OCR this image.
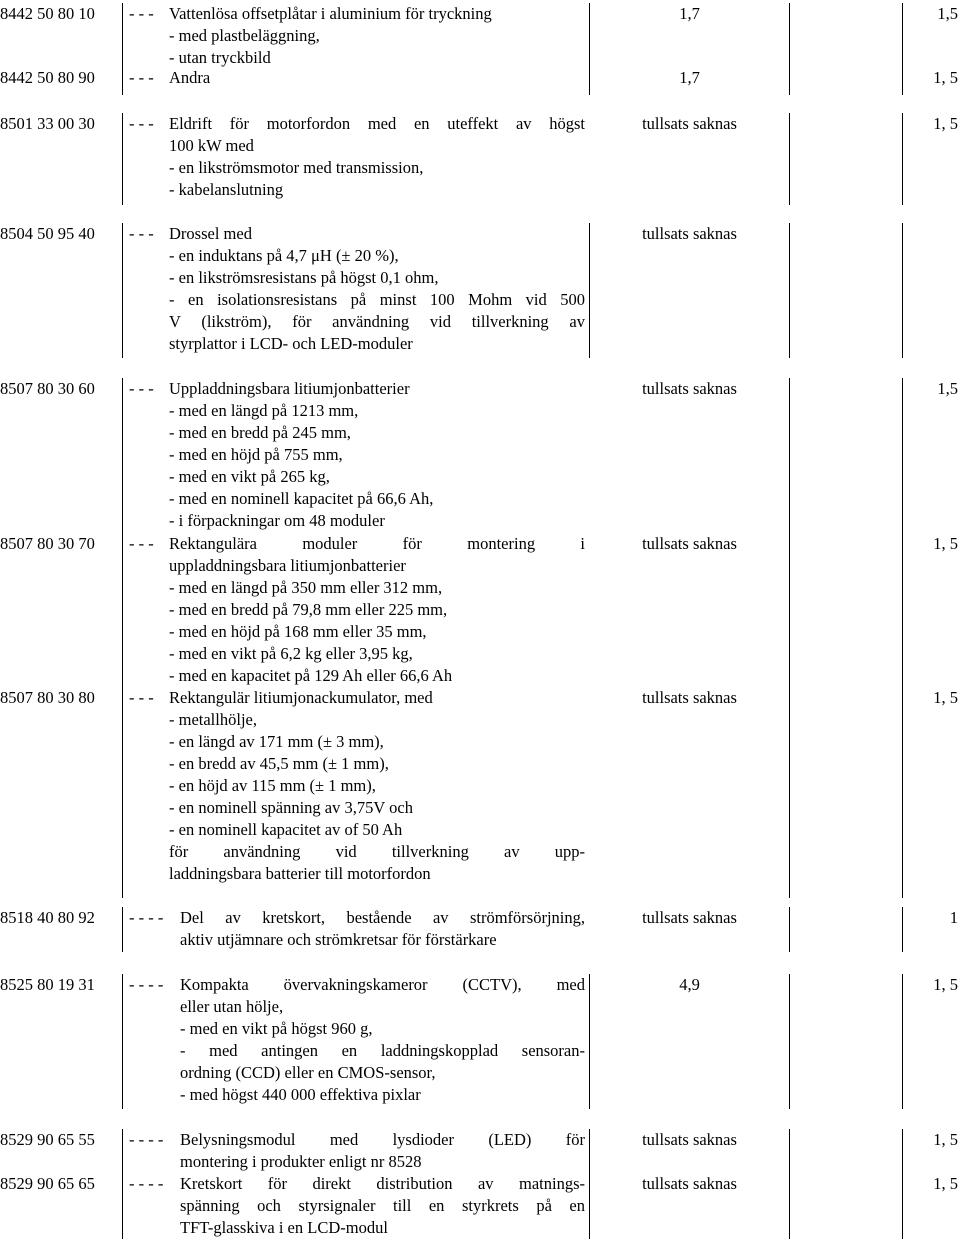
8442 50 80 10	- - - Vattenlösa offsetplåtar i aluminium för tryckning
- med plastbeläggning,
- utan tryckbild
1,7	1,5
8442 50 80 90	- - - Andra	1,7	1, 5
8501 33 00 30	- - - Eldrift för motorfordon med en uteffekt av högst
100 kW med
- en likströmsmotor med transmission,
- kabelanslutning
tullsats saknas	1, 5
8504 50 95 40	- - - Drossel med
- en induktans på 4,7 μH (± 20 %),
- en likströmsresistans på högst 0,1 ohm,
- en isolationsresistans på minst 100 Mohm vid 500
V (likström), för användning vid tillverkning av
styrplattor i LCD- och LED-moduler
tullsats saknas
8507 80 30 60	- - - Uppladdningsbara litiumjonbatterier
- med en längd på 1213 mm,
- med en bredd på 245 mm,
- med en höjd på 755 mm,
- med en vikt på 265 kg,
- med en nominell kapacitet på 66,6 Ah,
- i förpackningar om 48 moduler
tullsats saknas	1,5
8507 80 30 70	- - - Rektangulära moduler för montering i
uppladdningsbara litiumjonbatterier
- med en längd på 350 mm eller 312 mm,
- med en bredd på 79,8 mm eller 225 mm,
- med en höjd på 168 mm eller 35 mm,
- med en vikt på 6,2 kg eller 3,95 kg,
- med en kapacitet på 129 Ah eller 66,6 Ah
tullsats saknas	1, 5
8507 80 30 80	- - - Rektangulär litiumjonackumulator, med
- metallhölje,
- en längd av 171 mm (± 3 mm),
- en bredd av 45,5 mm (± 1 mm),
- en höjd av 115 mm (± 1 mm),
- en nominell spänning av 3,75V och
- en nominell kapacitet av of 50 Ah
för användning vid tillverkning av upp-
laddningsbara batterier till motorfordon
tullsats saknas	1, 5
8518 40 80 92	- - - - Del av kretskort, bestående av strömförsörjning,
aktiv utjämnare och strömkretsar för förstärkare
tullsats saknas	1
8525 80 19 31	- - - - Kompakta övervakningskameror (CCTV), med
eller utan hölje,
- med en vikt på högst 960 g,
- med antingen en laddningskopplad sensoran-
ordning (CCD) eller en CMOS-sensor,
- med högst 440 000 effektiva pixlar
4,9	1, 5
8529 90 65 55	- - - - Belysningsmodul med lysdioder (LED) för
montering i produkter enligt nr 8528
tullsats saknas	1, 5
8529 90 65 65	- - - - Kretskort för direkt distribution av matnings-
spänning och styrsignaler till en styrkrets på en
TFT-glasskiva i en LCD-modul
tullsats saknas	1, 5
